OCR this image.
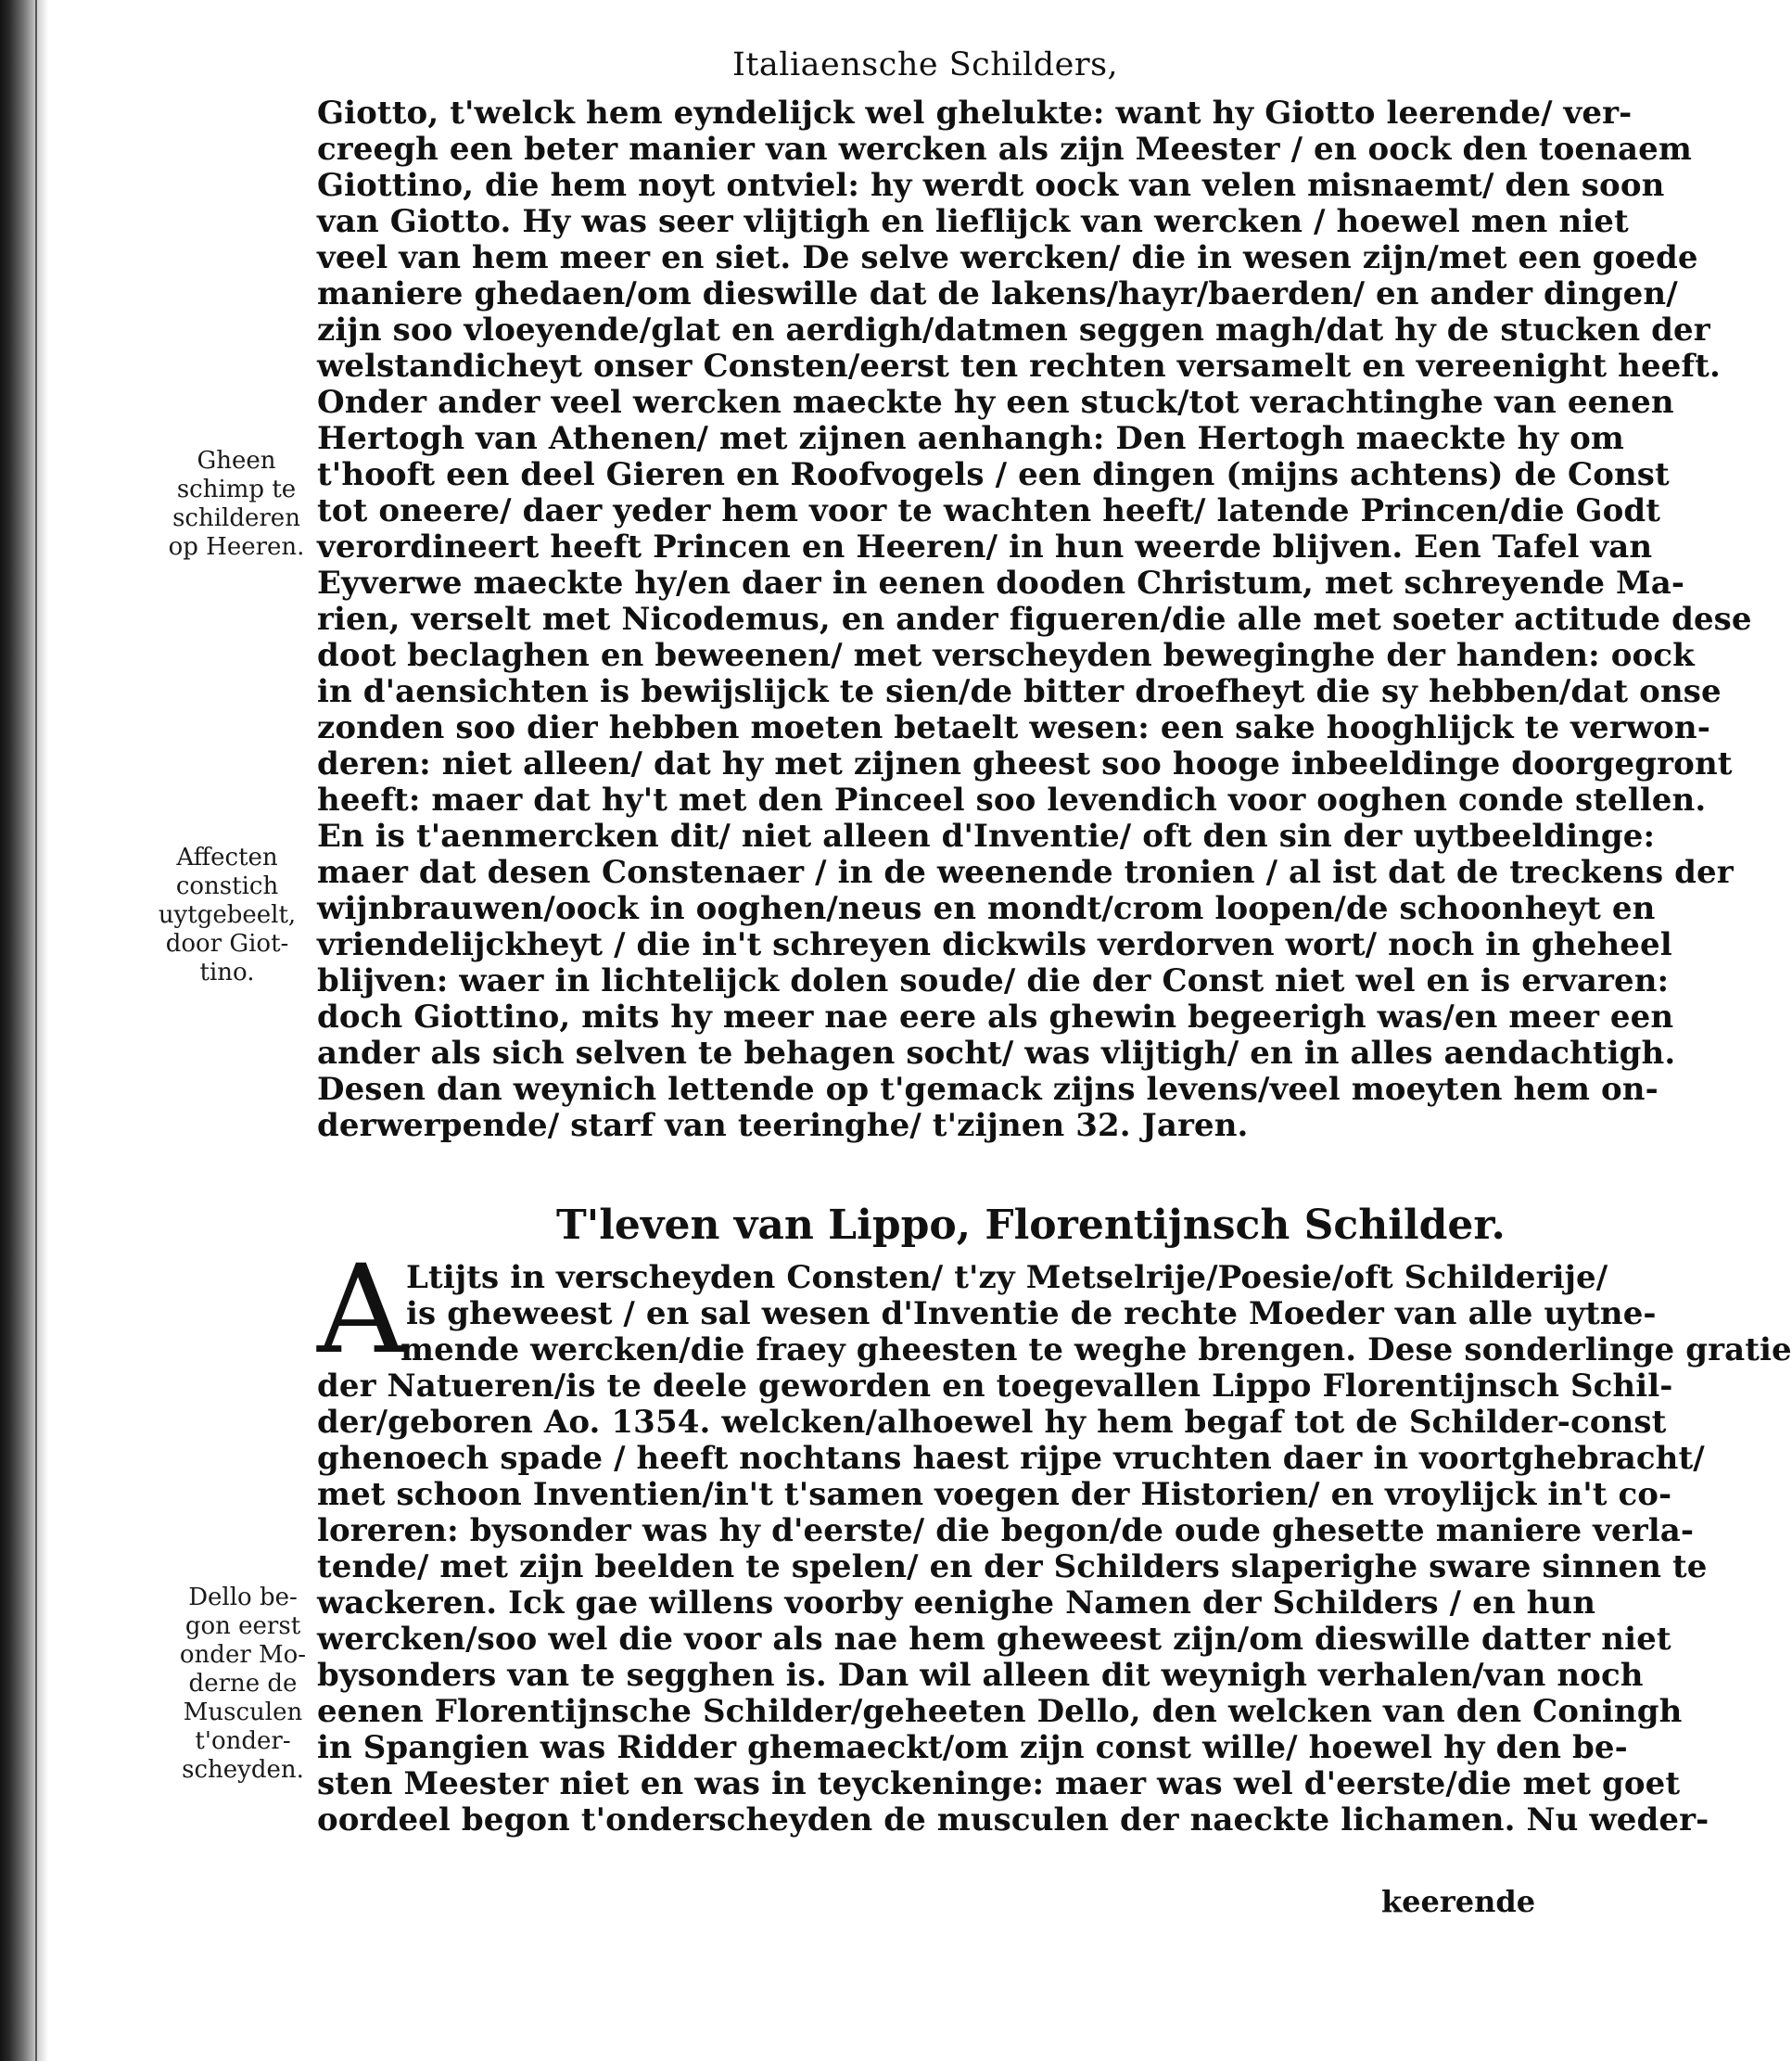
Italiaensche Schilders,
Giotto, t'welck hem eyndelijck wel ghelukte: want hy Giotto leerende/ ver-
creegh een beter manier van wercken als zijn Meester / en oock den toenaem
Giottino, die hem noyt ontviel: hy werdt oock van velen misnaemt/ den soon
van Giotto. Hy was seer vlijtigh en lieflijck van wercken / hoewel men niet
veel van hem meer en siet. De selve wercken/ die in wesen zijn/met een goede
maniere ghedaen/om dieswille dat de lakens/hayr/baerden/ en ander dingen/
zijn soo vloeyende/glat en aerdigh/datmen seggen magh/dat hy de stucken der
welstandicheyt onser Consten/eerst ten rechten versamelt en vereenight heeft.
Onder ander veel wercken maeckte hy een stuck/tot verachtinghe van eenen
Hertogh van Athenen/ met zijnen aenhangh: Den Hertogh maeckte hy om
t'hooft een deel Gieren en Roofvogels / een dingen (mijns achtens) de Const
tot oneere/ daer yeder hem voor te wachten heeft/ latende Princen/die Godt
verordineert heeft Princen en Heeren/ in hun weerde blijven. Een Tafel van
Eyverwe maeckte hy/en daer in eenen dooden Christum, met schreyende Ma-
rien, verselt met Nicodemus, en ander figueren/die alle met soeter actitude dese
doot beclaghen en beweenen/ met verscheyden beweginghe der handen: oock
in d'aensichten is bewijslijck te sien/de bitter droefheyt die sy hebben/dat onse
zonden soo dier hebben moeten betaelt wesen: een sake hooghlijck te verwon-
deren: niet alleen/ dat hy met zijnen gheest soo hooge inbeeldinge doorgegront
heeft: maer dat hy't met den Pinceel soo levendich voor ooghen conde stellen.
En is t'aenmercken dit/ niet alleen d'Inventie/ oft den sin der uytbeeldinge:
maer dat desen Constenaer / in de weenende tronien / al ist dat de treckens der
wijnbrauwen/oock in ooghen/neus en mondt/crom loopen/de schoonheyt en
vriendelijckheyt / die in't schreyen dickwils verdorven wort/ noch in gheheel
blijven: waer in lichtelijck dolen soude/ die der Const niet wel en is ervaren:
doch Giottino, mits hy meer nae eere als ghewin begeerigh was/en meer een
ander als sich selven te behagen socht/ was vlijtigh/ en in alles aendachtigh.
Desen dan weynich lettende op t'gemack zijns levens/veel moeyten hem on-
derwerpende/ starf van teeringhe/ t'zijnen 32. Jaren.
T'leven van Lippo, Florentijnsch Schilder.
A Ltijts in verscheyden Consten/ t'zy Metselrije/Poesie/oft Schilderije/
is gheweest / en sal wesen d'Inventie de rechte Moeder van alle uytne-
mende wercken/die fraey gheesten te weghe brengen. Dese sonderlinge gratie
der Natueren/is te deele geworden en toegevallen Lippo Florentijnsch Schil-
der/geboren Ao. 1354. welcken/alhoewel hy hem begaf tot de Schilder-const
ghenoech spade / heeft nochtans haest rijpe vruchten daer in voortghebracht/
met schoon Inventien/in't t'samen voegen der Historien/ en vroylijck in't co-
loreren: bysonder was hy d'eerste/ die begon/de oude ghesette maniere verla-
tende/ met zijn beelden te spelen/ en der Schilders slaperighe sware sinnen te
wackeren. Ick gae willens voorby eenighe Namen der Schilders / en hun
wercken/soo wel die voor als nae hem gheweest zijn/om dieswille datter niet
bysonders van te segghen is. Dan wil alleen dit weynigh verhalen/van noch
eenen Florentijnsche Schilder/geheeten Dello, den welcken van den Coningh
in Spangien was Ridder ghemaeckt/om zijn const wille/ hoewel hy den be-
sten Meester niet en was in teyckeninge: maer was wel d'eerste/die met goet
oordeel begon t'onderscheyden de musculen der naeckte lichamen. Nu weder-
keerende
Gheen
schimp te
schilderen
op Heeren.
Affecten
constich
uytgebeelt,
door Giot-
tino.
Dello be-
gon eerst
onder Mo-
derne de
Musculen
t'onder-
scheyden.
